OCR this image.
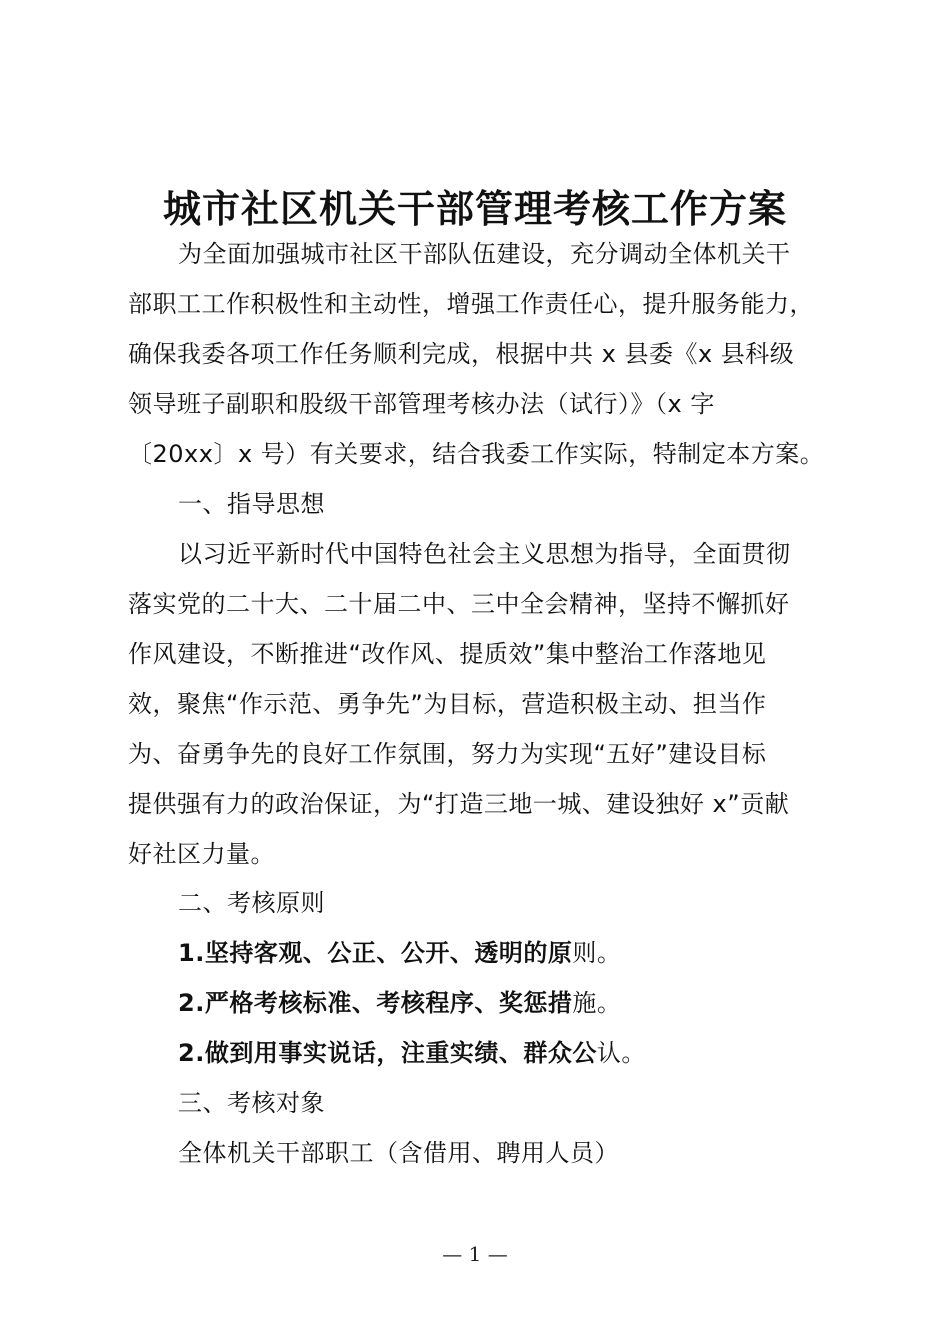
城市社区机关干部管理考核工作方案
为全面加强城市社区干部队伍建设，充分调动全体机关干
部职工工作积极性和主动性，增强工作责任心，提升服务能力，
确保我委各项工作任务顺利完成，根据中共 x 县委《x 县科级
领导班子副职和股级干部管理考核办法（试行）》（x 字
〔20xx〕x 号）有关要求，结合我委工作实际，特制定本方案。
一、指导思想
以习近平新时代中国特色社会主义思想为指导，全面贯彻
落实党的二十大、二十届二中、三中全会精神，坚持不懈抓好
作风建设，不断推进“改作风、提质效”集中整治工作落地见
效，聚焦“作示范、勇争先”为目标，营造积极主动、担当作
为、奋勇争先的良好工作氛围，努力为实现“五好”建设目标
提供强有力的政治保证，为“打造三地一城、建设独好 x”贡献
好社区力量。
二、考核原则
1.坚持客观、公正、公开、透明的原则。
2.严格考核标准、考核程序、奖惩措施。
2.做到用事实说话，注重实绩、群众公认。
三、考核对象
全体机关干部职工（含借用、聘用人员）
— 1 —
